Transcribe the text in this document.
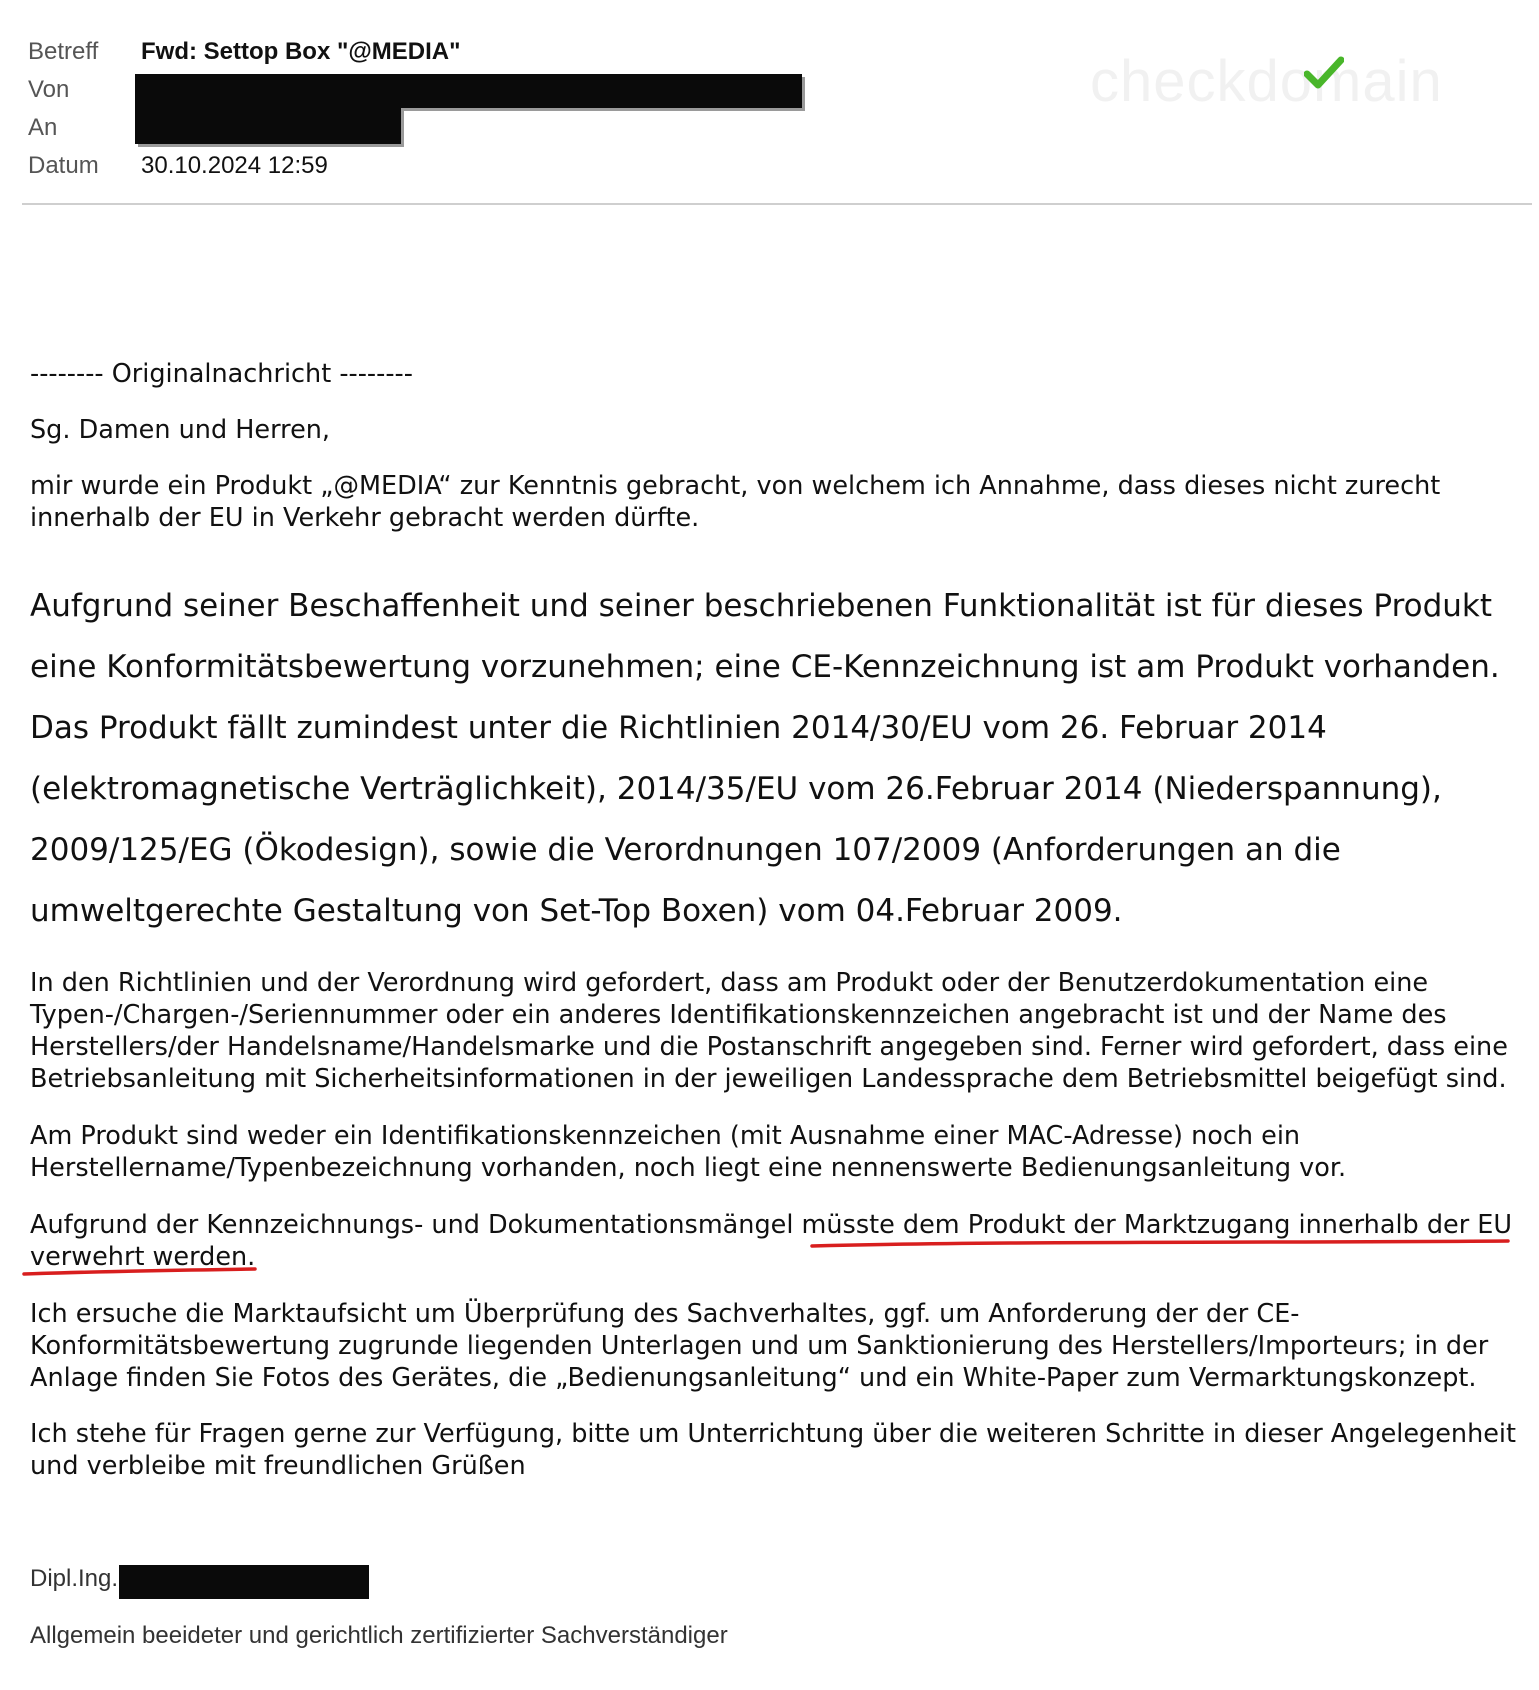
Betreff Fwd: Settop Box "@MEDIA"
Von
An
Datum 30.10.2024 12:59
checkdomain
-------- Originalnachricht --------
Sg. Damen und Herren,
mir wurde ein Produkt „@MEDIA“ zur Kenntnis gebracht, von welchem ich Annahme, dass dieses nicht zurecht
innerhalb der EU in Verkehr gebracht werden dürfte.
Aufgrund seiner Beschaffenheit und seiner beschriebenen Funktionalität ist für dieses Produkt
eine Konformitätsbewertung vorzunehmen; eine CE-Kennzeichnung ist am Produkt vorhanden.
Das Produkt fällt zumindest unter die Richtlinien 2014/30/EU vom 26. Februar 2014
(elektromagnetische Verträglichkeit), 2014/35/EU vom 26.Februar 2014 (Niederspannung),
2009/125/EG (Ökodesign), sowie die Verordnungen 107/2009 (Anforderungen an die
umweltgerechte Gestaltung von Set-Top Boxen) vom 04.Februar 2009.
In den Richtlinien und der Verordnung wird gefordert, dass am Produkt oder der Benutzerdokumentation eine
Typen-/Chargen-/Seriennummer oder ein anderes Identifikationskennzeichen angebracht ist und der Name des
Herstellers/der Handelsname/Handelsmarke und die Postanschrift angegeben sind. Ferner wird gefordert, dass eine
Betriebsanleitung mit Sicherheitsinformationen in der jeweiligen Landessprache dem Betriebsmittel beigefügt sind.
Am Produkt sind weder ein Identifikationskennzeichen (mit Ausnahme einer MAC-Adresse) noch ein
Herstellername/Typenbezeichnung vorhanden, noch liegt eine nennenswerte Bedienungsanleitung vor.
Aufgrund der Kennzeichnungs- und Dokumentationsmängel müsste dem Produkt der Marktzugang innerhalb der EU
verwehrt werden.
Ich ersuche die Marktaufsicht um Überprüfung des Sachverhaltes, ggf. um Anforderung der der CE-
Konformitätsbewertung zugrunde liegenden Unterlagen und um Sanktionierung des Herstellers/Importeurs; in der
Anlage finden Sie Fotos des Gerätes, die „Bedienungsanleitung“ und ein White-Paper zum Vermarktungskonzept.
Ich stehe für Fragen gerne zur Verfügung, bitte um Unterrichtung über die weiteren Schritte in dieser Angelegenheit
und verbleibe mit freundlichen Grüßen
Dipl.Ing.
Allgemein beeideter und gerichtlich zertifizierter Sachverständiger
